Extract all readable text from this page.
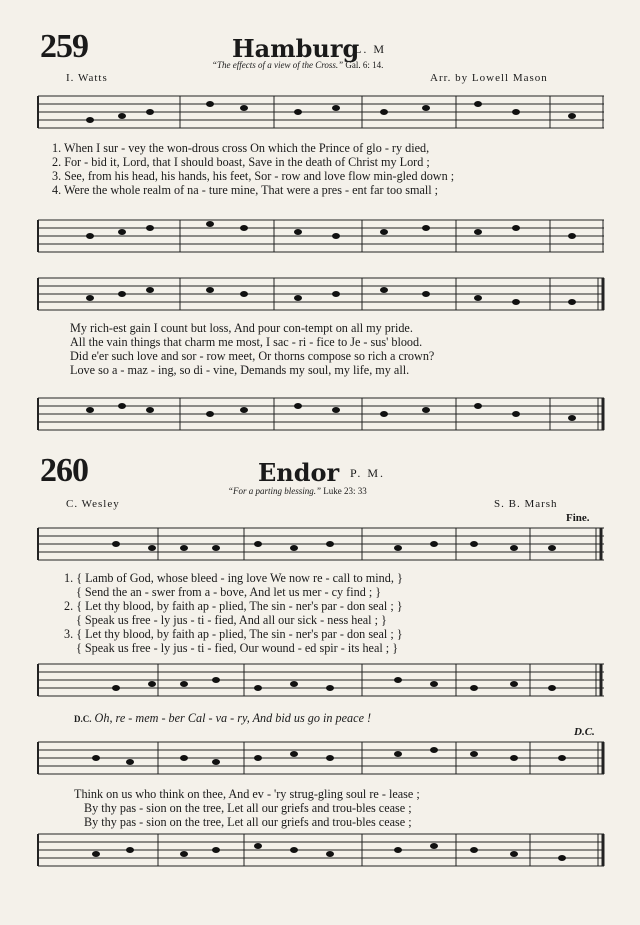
259	Hamburg
L. M
“The effects of a view of the Cross.” Gal. 6: 14.
I. Watts	Arr. by Lowell Mason
1. When I sur - vey the won-drous cross On which the Prince of glo - ry died,
2. For - bid it, Lord, that I should boast, Save in the death of Christ my Lord ;
3. See, from his head, his hands, his feet, Sor - row and love flow min-gled down ;
4. Were the whole realm of na - ture mine, That were a pres - ent far too small ;
My rich-est gain I count but loss, And pour con-tempt on all my pride.
All the vain things that charm me most, I sac - ri - fice to Je - sus' blood.
Did e'er such love and sor - row meet, Or thorns compose so rich a crown?
Love so a - maz - ing, so di - vine, Demands my soul, my life, my all.
260	Endor P. M.
“For a parting blessing.” Luke 23: 33
C. Wesley	S. B. Marsh
Fine.
1. { Lamb of God, whose bleed - ing love We now re - call to mind, }
{ Send the an - swer from a - bove, And let us mer - cy find ; }
2. { Let thy blood, by faith ap - plied, The sin - ner's par - don seal ; }
{ Speak us free - ly jus - ti - fied, And all our sick - ness heal ; }
3. { Let thy blood, by faith ap - plied, The sin - ner's par - don seal ; }
{ Speak us free - ly jus - ti - fied, Our wound - ed spir - its heal ; }
D.C. Oh, re - mem - ber Cal - va - ry, And bid us go in peace !
D.C.
Think on us who think on thee, And ev - 'ry strug-gling soul re - lease ;
By thy pas - sion on the tree, Let all our griefs and trou-bles cease ;
By thy pas - sion on the tree, Let all our griefs and trou-bles cease ;
